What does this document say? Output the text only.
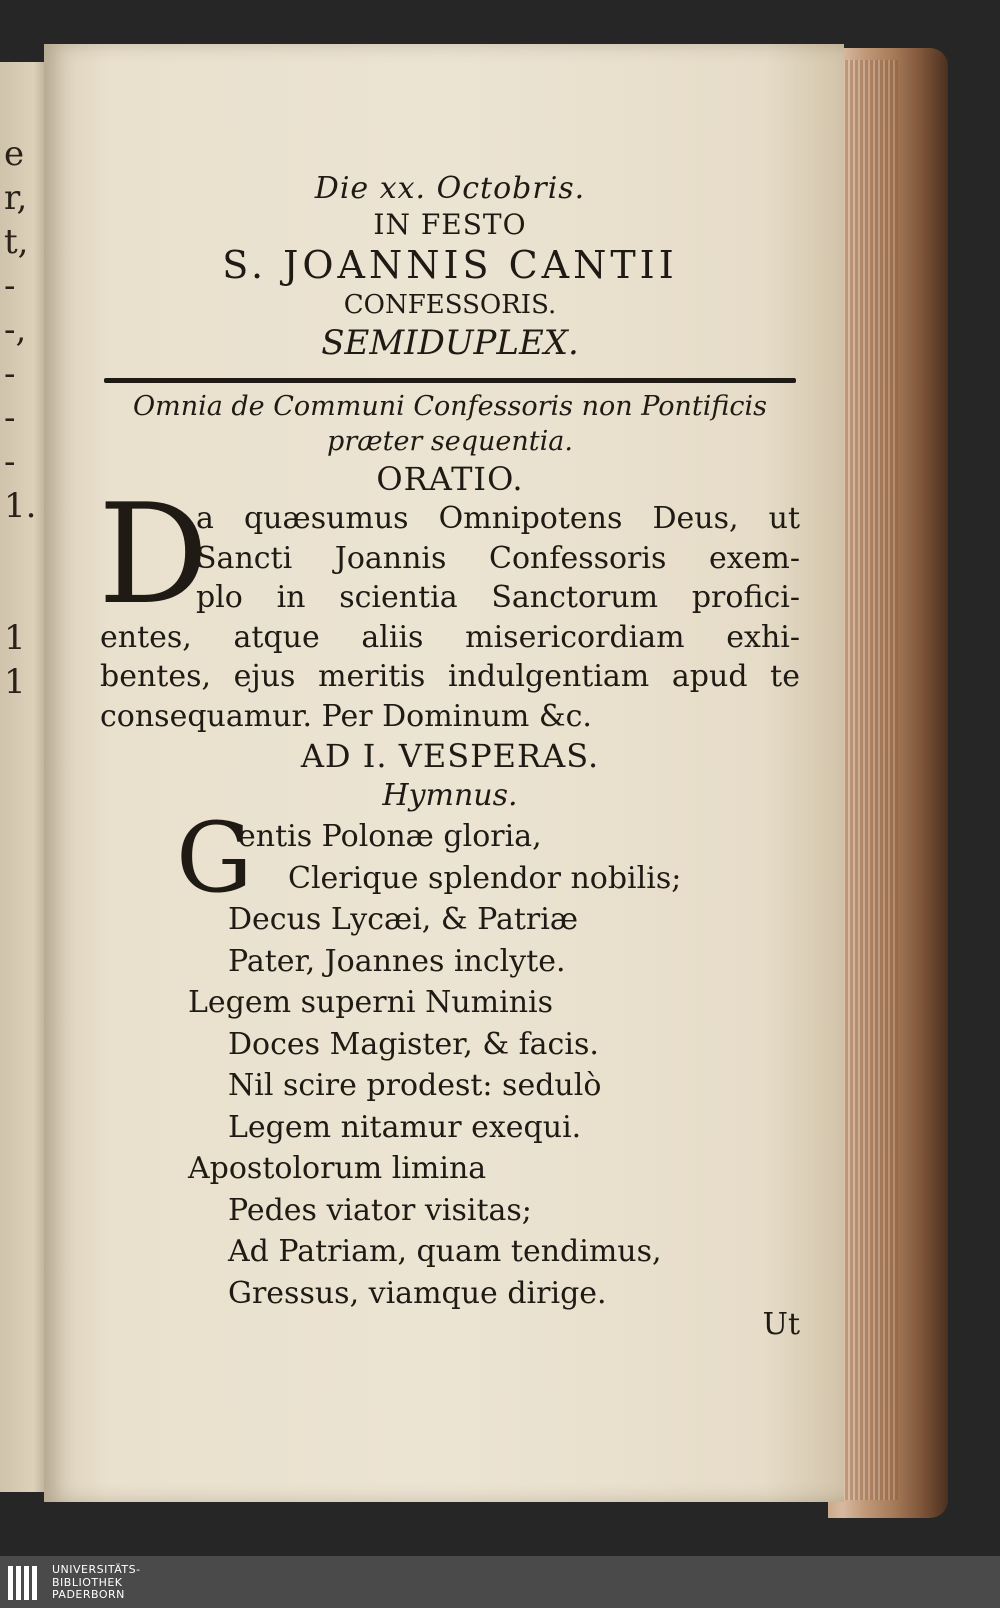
e
r,
t,
-
-,
-
-
-
1.
1
1
Die xx. Octobris.
IN FESTO
S. JOANNIS CANTII
CONFESSORIS.
SEMIDUPLEX.
Omnia de Communi Confessoris non Pontificis
præter sequentia.
ORATIO.
D
a quæsumus Omnipotens Deus, ut
Sancti Joannis Confessoris exem-
plo in scientia Sanctorum profici-
entes, atque aliis misericordiam exhi-
bentes, ejus meritis indulgentiam apud te
consequamur. Per Dominum &c.
AD I. VESPERAS.
Hymnus.
G
entis Polonæ gloria,
Clerique splendor nobilis;
Decus Lycæi, & Patriæ
Pater, Joannes inclyte.
Legem superni Numinis
Doces Magister, & facis.
Nil scire prodest: sedulò
Legem nitamur exequi.
Apostolorum limina
Pedes viator visitas;
Ad Patriam, quam tendimus,
Gressus, viamque dirige.
Ut
UNIVERSITÄTS-
BIBLIOTHEK
PADERBORN
